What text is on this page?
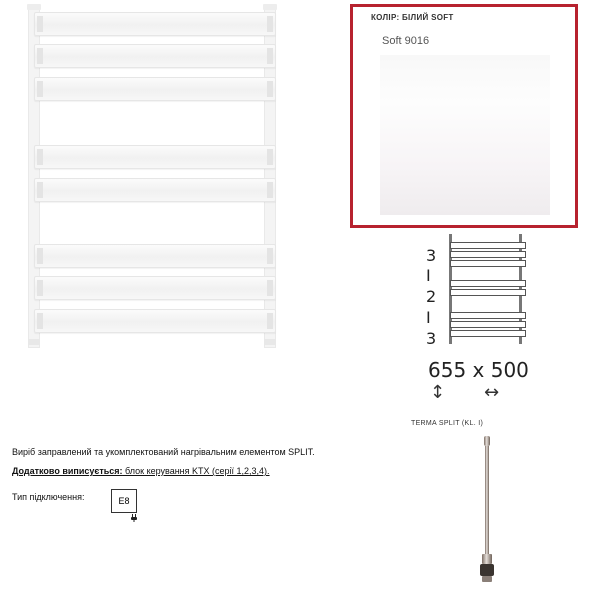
КОЛІР: БІЛИЙ SOFT
Soft 9016
3
I
2
I
3
655 x 500
↕ ↔
TERMA SPLIT (KL. I)
Виріб заправлений та укомплектований нагрівальним елементом SPLIT.
Додатково виписується: блок керування KTX (серії 1,2,3,4).
Тип підключення:	E8
